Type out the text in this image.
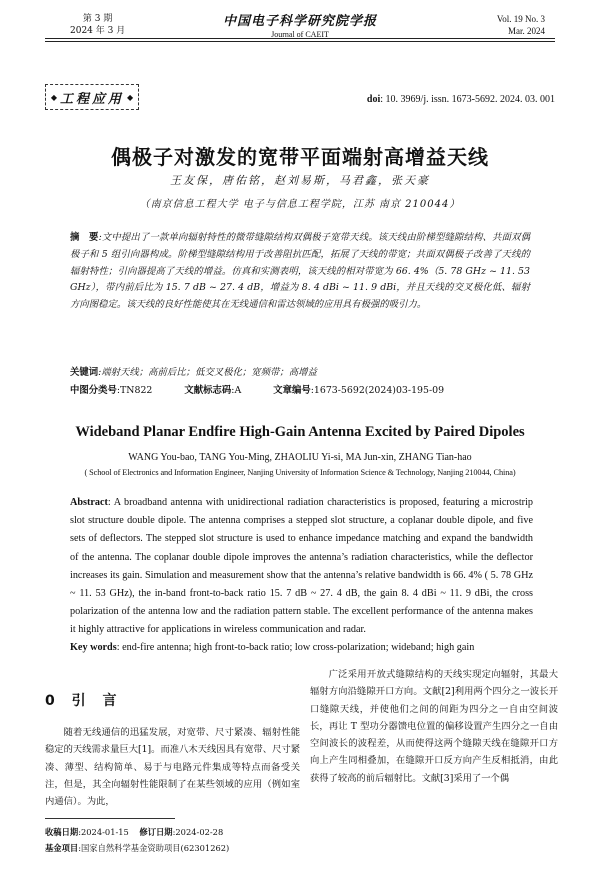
第 3 期
2024 年 3 月
中国电子科学研究院学报
Journal of CAEIT
Vol. 19 No. 3
Mar. 2024
◆ 工程应用 ◆	doi: 10. 3969/j. issn. 1673-5692. 2024. 03. 001
偶极子对激发的宽带平面端射高增益天线
王友保，唐佑铭，赵刘易斯，马君鑫，张天豪
（南京信息工程大学 电子与信息工程学院，江苏 南京 210044）
摘　要:文中提出了一款单向辐射特性的微带缝隙结构双偶极子宽带天线。该天线由阶梯型缝隙结构、共面双偶极子和 5 组引向器构成。阶梯型缝隙结构用于改善阻抗匹配，拓展了天线的带宽；共面双偶极子改善了天线的辐射特性；引向器提高了天线的增益。仿真和实测表明，该天线的相对带宽为 66. 4%（5. 78 GHz ~ 11. 53 GHz），带内前后比为 15. 7 dB ~ 27. 4 dB，增益为 8. 4 dBi ~ 11. 9 dBi，并且天线的交叉极化低、辐射方向图稳定。该天线的良好性能使其在无线通信和雷达领域的应用具有极强的吸引力。
关键词:端射天线；高前后比；低交叉极化；宽频带；高增益
中图分类号:TN822	文献标志码:A	文章编号:1673-5692(2024)03-195-09
Wideband Planar Endfire High-Gain Antenna Excited by Paired Dipoles
WANG You-bao, TANG You-Ming, ZHAOLIU Yi-si, MA Jun-xin, ZHANG Tian-hao
( School of Electronics and Information Engineer, Nanjing University of Information Science & Technology, Nanjing 210044, China)
Abstract: A broadband antenna with unidirectional radiation characteristics is proposed, featuring a microstrip slot structure double dipole. The antenna comprises a stepped slot structure, a coplanar double dipole, and five sets of deflectors. The stepped slot structure is used to enhance impedance matching and expand the bandwidth of the antenna. The coplanar double dipole improves the antenna’s radiation characteristics, while the deflector increases its gain. Simulation and measurement show that the antenna’s relative bandwidth is 66. 4% ( 5. 78 GHz ~ 11. 53 GHz), the in-band front-to-back ratio 15. 7 dB ~ 27. 4 dB, the gain 8. 4 dBi ~ 11. 9 dBi, the cross polarization of the antenna low and the radiation pattern stable. The excellent performance of the antenna makes it highly attractive for applications in wireless communication and radar.
Key words: end-fire antenna; high front-to-back ratio; low cross-polarization; wideband; high gain
0 引 言
随着无线通信的迅猛发展，对宽带、尺寸紧凑、辐射性能稳定的天线需求量巨大[1]。而准八木天线因具有宽带、尺寸紧凑、薄型、结构简单、易于与电路元件集成等特点而备受关注，但是，其全向辐射性能限制了在某些领域的应用（例如室内通信）。为此，
广泛采用开放式缝隙结构的天线实现定向辐射，其最大辐射方向沿缝隙开口方向。文献[2]利用两个四分之一波长开口缝隙天线，并使他们之间的间距为四分之一自由空间波长，再让 T 型功分器馈电位置的偏移设置产生四分之一自由空间波长的波程差，从而使得这两个缝隙天线在缝隙开口方向上产生同相叠加，在缝隙开口反方向产生反相抵消，由此获得了较高的前后辐射比。文献[3]采用了一个偶
收稿日期:2024-01-15 修订日期:2024-02-28
基金项目:国家自然科学基金资助项目(62301262)
